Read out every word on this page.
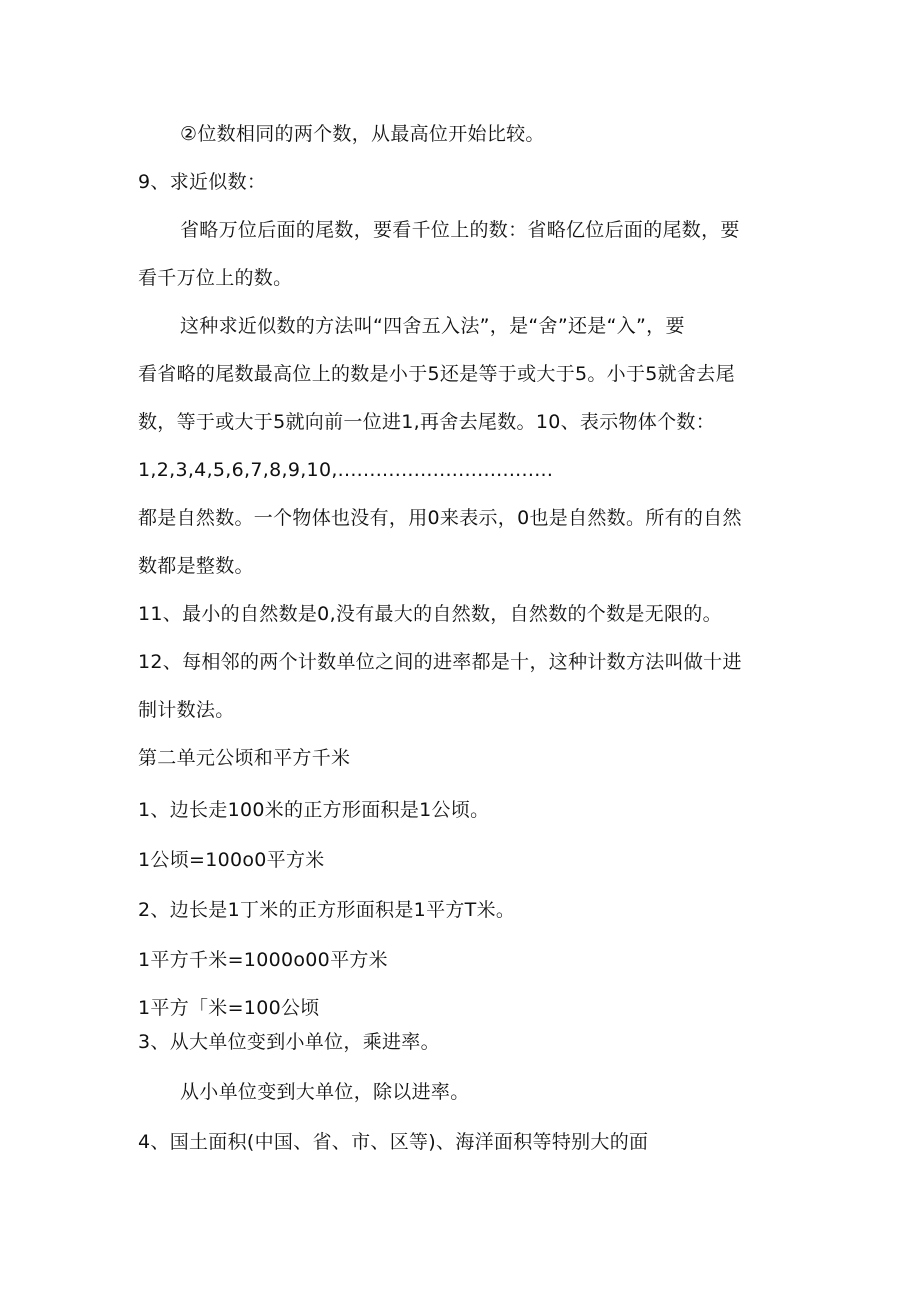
②位数相同的两个数，从最高位开始比较。
9、求近似数：
省略万位后面的尾数，要看千位上的数：省略亿位后面的尾数，要
看千万位上的数。
这种求近似数的方法叫“四舍五入法”，是“舍”还是“入”，要
看省略的尾数最高位上的数是小于5还是等于或大于5。小于5就舍去尾
数，等于或大于5就向前一位进1,再舍去尾数。10、表示物体个数：
1,2,3,4,5,6,7,8,9,10,..................................
都是自然数。一个物体也没有，用0来表示，0也是自然数。所有的自然
数都是整数。
11、最小的自然数是0,没有最大的自然数，自然数的个数是无限的。
12、每相邻的两个计数单位之间的进率都是十，这种计数方法叫做十进
制计数法。
第二单元公顷和平方千米
1、边长走100米的正方形面积是1公顷。
1公顷=100o0平方米
2、边长是1丁米的正方形面积是1平方T米。
1平方千米=1000o00平方米
1平方「米=100公顷
3、从大单位变到小单位，乘进率。
从小单位变到大单位，除以进率。
4、国土面积(中国、省、市、区等)、海洋面积等特别大的面
